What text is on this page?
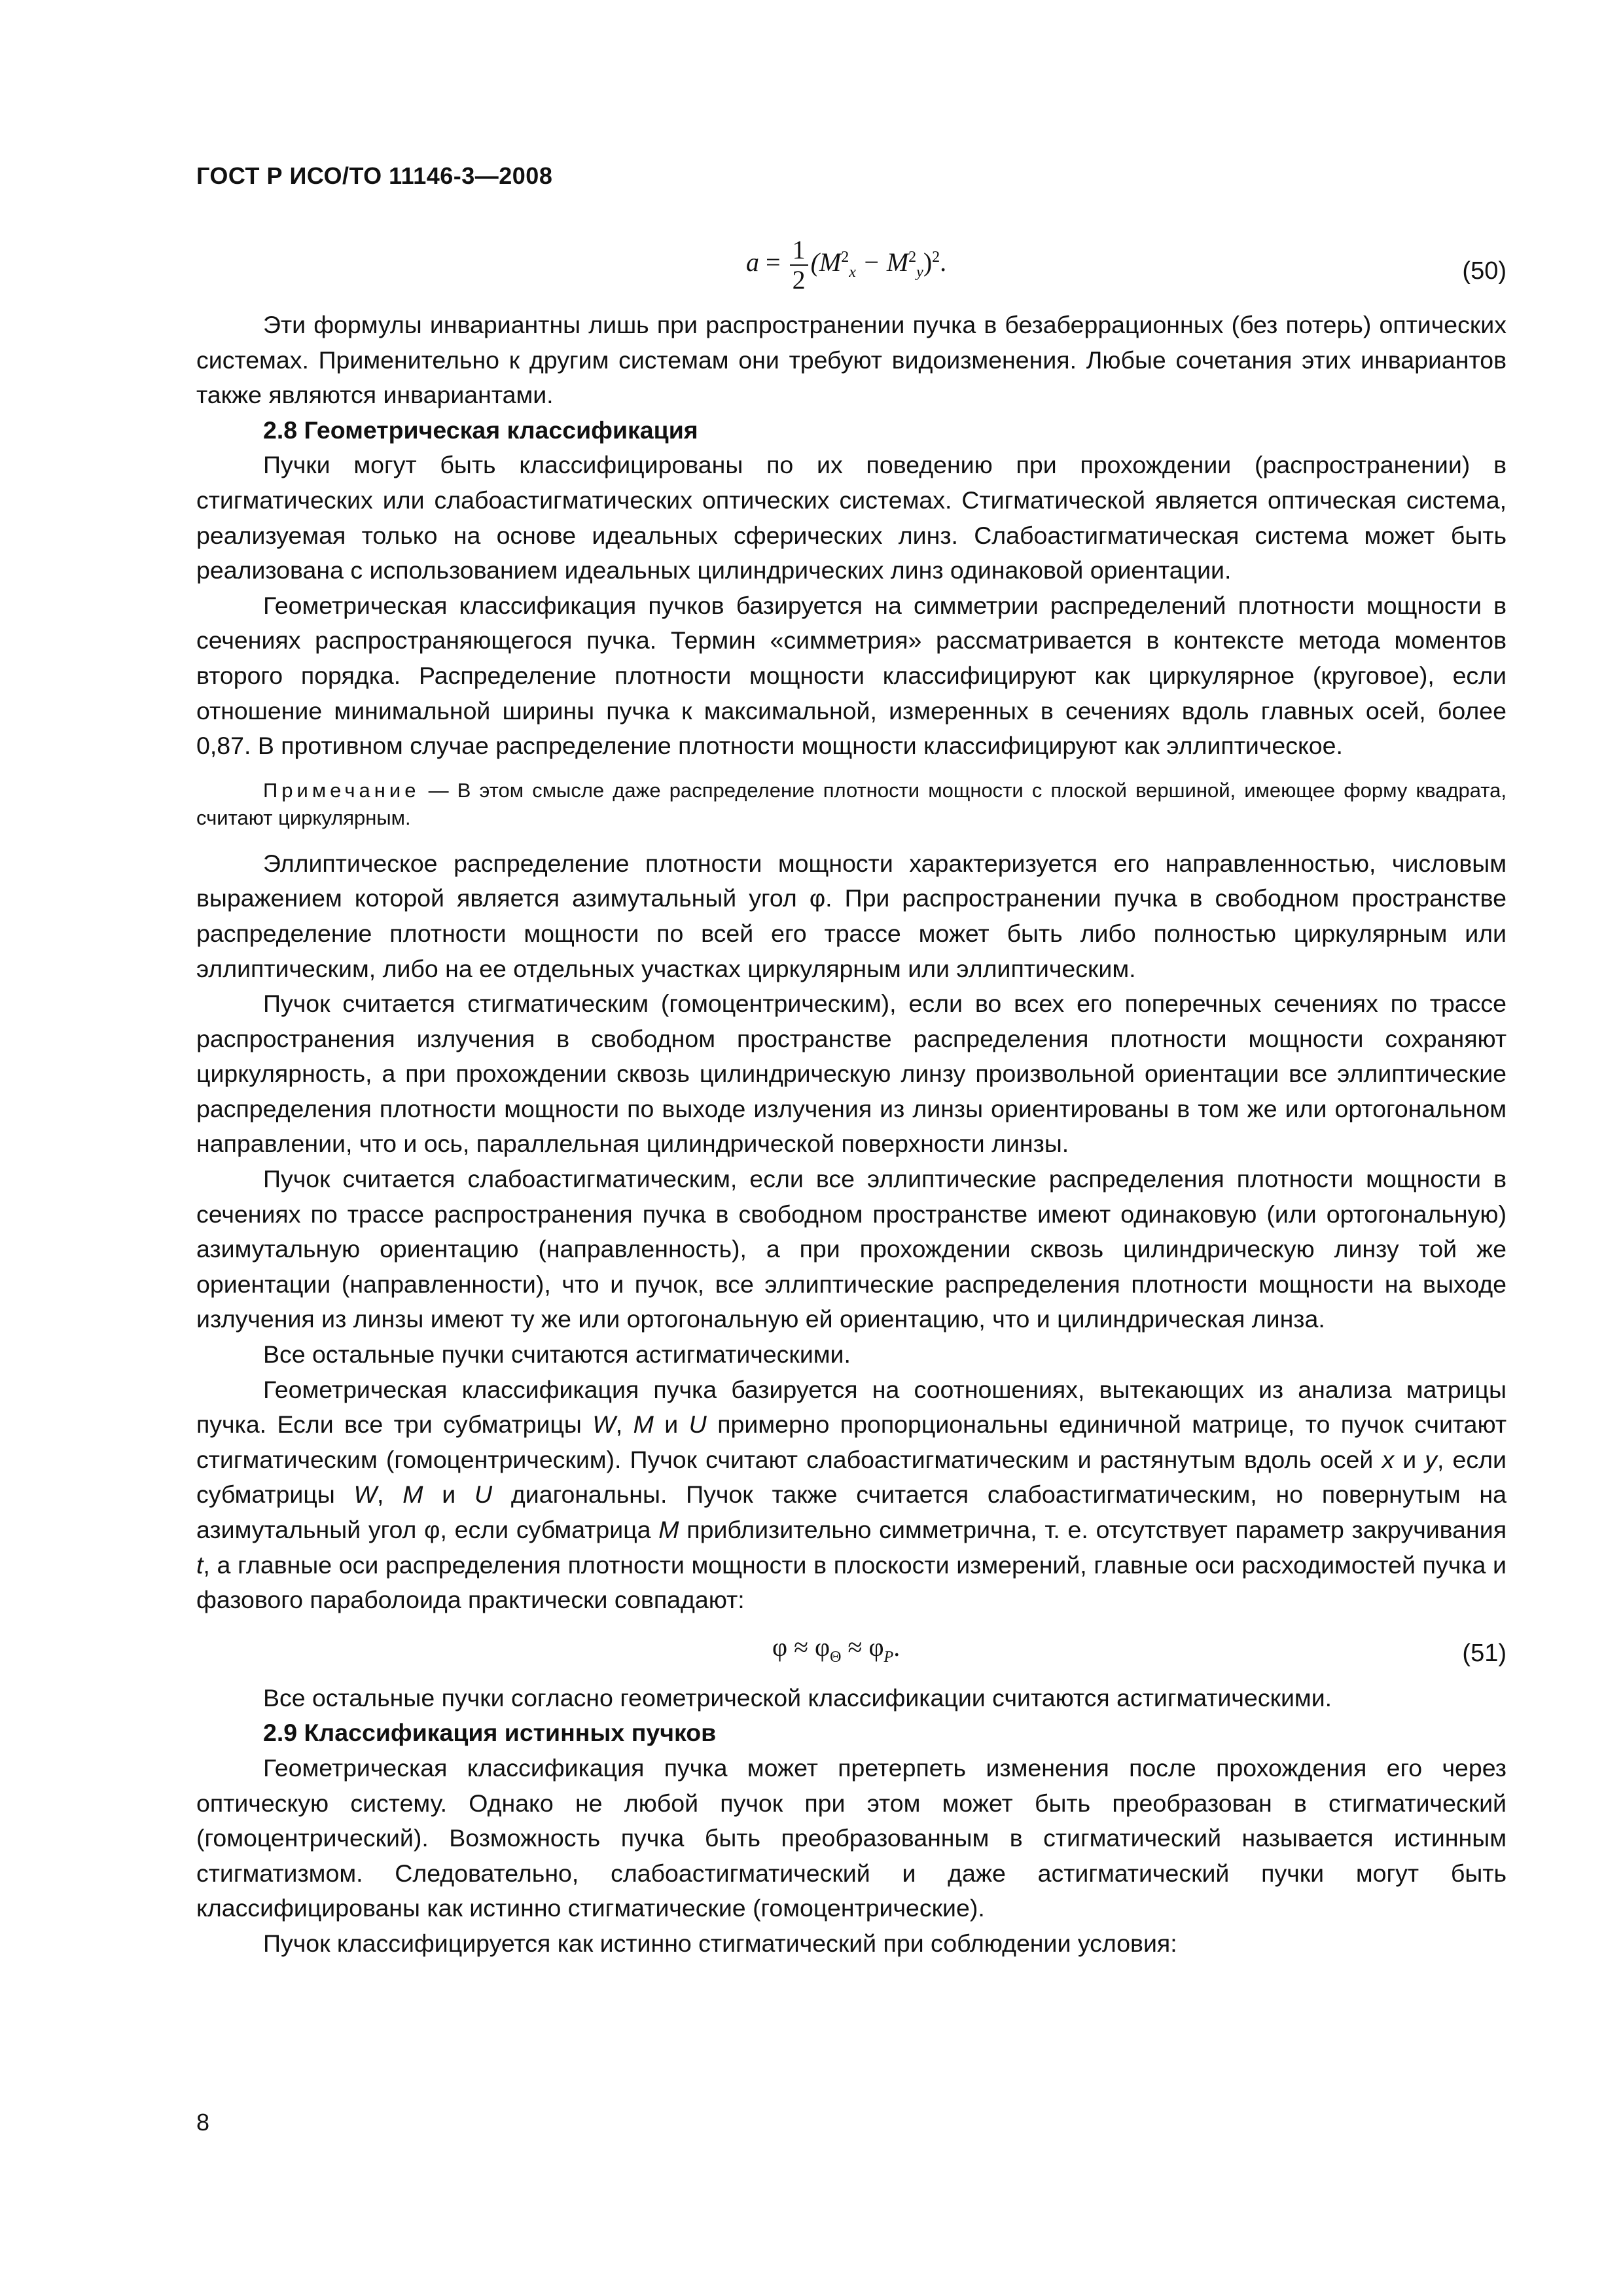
ГОСТ Р ИСО/ТО 11146-3—2008
$a = \frac{1}{2} (M^2_x - M^2_y)^2$.	(50)

Эти формулы инвариантны лишь при распространении пучка в безаберрационных (без потерь) оптических системах. Применительно к другим системам они требуют видоизменения. Любые сочетания этих инвариантов также являются инвариантами.

2.8 Геометрическая классификация

Пучки могут быть классифицированы по их поведению при прохождении (распространении) в стигматических или слабоастигматических оптических системах. Стигматической является оптическая система, реализуемая только на основе идеальных сферических линз. Слабоастигматическая система может быть реализована с использованием идеальных цилиндрических линз одинаковой ориентации.

Геометрическая классификация пучков базируется на симметрии распределений плотности мощности в сечениях распространяющегося пучка. Термин «симметрия» рассматривается в контексте метода моментов второго порядка. Распределение плотности мощности классифицируют как циркулярное (круговое), если отношение минимальной ширины пучка к максимальной, измеренных в сечениях вдоль главных осей, более 0,87. В противном случае распределение плотности мощности классифицируют как эллиптическое.

Примечание — В этом смысле даже распределение плотности мощности с плоской вершиной, имеющее форму квадрата, считают циркулярным.

Эллиптическое распределение плотности мощности характеризуется его направленностью, числовым выражением которой является азимутальный угол φ. При распространении пучка в свободном пространстве распределение плотности мощности по всей его трассе может быть либо полностью циркулярным или эллиптическим, либо на ее отдельных участках циркулярным или эллиптическим.

Пучок считается стигматическим (гомоцентрическим), если во всех его поперечных сечениях по трассе распространения излучения в свободном пространстве распределения плотности мощности сохраняют циркулярность, а при прохождении сквозь цилиндрическую линзу произвольной ориентации все эллиптические распределения плотности мощности по выходе излучения из линзы ориентированы в том же или ортогональном направлении, что и ось, параллельная цилиндрической поверхности линзы.

Пучок считается слабоастигматическим, если все эллиптические распределения плотности мощности в сечениях по трассе распространения пучка в свободном пространстве имеют одинаковую (или ортогональную) азимутальную ориентацию (направленность), а при прохождении сквозь цилиндрическую линзу той же ориентации (направленности), что и пучок, все эллиптические распределения плотности мощности на выходе излучения из линзы имеют ту же или ортогональную ей ориентацию, что и цилиндрическая линза.

Все остальные пучки считаются астигматическими.

Геометрическая классификация пучка базируется на соотношениях, вытекающих из анализа матрицы пучка. Если все три субматрицы W, M и U примерно пропорциональны единичной матрице, то пучок считают стигматическим (гомоцентрическим). Пучок считают слабоастигматическим и растянутым вдоль осей x и y, если субматрицы W, M и U диагональны. Пучок также считается слабоастигматическим, но повернутым на азимутальный угол φ, если субматрица M приблизительно симметрична, т. е. отсутствует параметр закручивания t, а главные оси распределения плотности мощности в плоскости измерений, главные оси расходимостей пучка и фазового параболоида практически совпадают:

$\varphi \approx \varphi_\Theta \approx \varphi_P$.	(51)

Все остальные пучки согласно геометрической классификации считаются астигматическими.

2.9 Классификация истинных пучков

Геометрическая классификация пучка может претерпеть изменения после прохождения его через оптическую систему. Однако не любой пучок при этом может быть преобразован в стигматический (гомоцентрический). Возможность пучка быть преобразованным в стигматический называется истинным стигматизмом. Следовательно, слабоастигматический и даже астигматический пучки могут быть классифицированы как истинно стигматические (гомоцентрические).

Пучок классифицируется как истинно стигматический при соблюдении условия:

8
